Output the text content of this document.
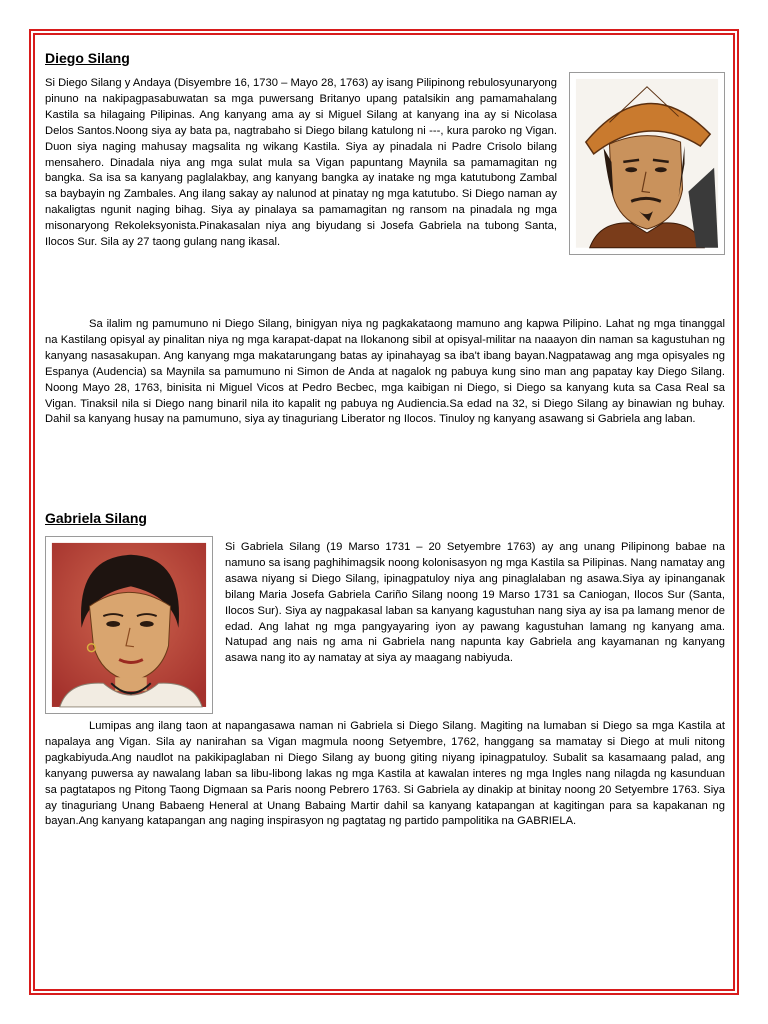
Diego Silang

Si Diego Silang y Andaya (Disyembre 16, 1730 – Mayo 28, 1763) ay isang Pilipinong rebulosyunaryong pinuno na nakipagpasabuwatan sa mga puwersang Britanyo upang patalsikin ang pamamahalang Kastila sa hilagaing Pilipinas. Ang kanyang ama ay si Miguel Silang at kanyang ina ay si Nicolasa Delos Santos.Noong siya ay bata pa, nagtrabaho si Diego bilang katulong ni ---, kura paroko ng Vigan. Duon siya naging mahusay magsalita ng wikang Kastila. Siya ay pinadala ni Padre Crisolo bilang mensahero. Dinadala niya ang mga sulat mula sa Vigan papuntang Maynila sa pamamagitan ng bangka. Sa isa sa kanyang paglalakbay, ang kanyang bangka ay inatake ng mga katutubong Zambal sa baybayin ng Zambales. Ang ilang sakay ay nalunod at pinatay ng mga katutubo. Si Diego naman ay nakaligtas ngunit naging bihag. Siya ay pinalaya sa pamamagitan ng ransom na pinadala ng mga misonaryong Rekoleksyonista.Pinakasalan niya ang biyudang si Josefa Gabriela na tubong Santa, Ilocos Sur. Sila ay 27 taong gulang nang ikasal.

Sa ilalim ng pamumuno ni Diego Silang, binigyan niya ng pagkakataong mamuno ang kapwa Pilipino. Lahat ng mga tinanggal na Kastilang opisyal ay pinalitan niya ng mga karapat-dapat na Ilokanong sibil at opisyal-militar na naaayon din naman sa kagustuhan ng kanyang nasasakupan. Ang kanyang mga makatarungang batas ay ipinahayag sa iba't ibang bayan.Nagpatawag ang mga opisyales ng Espanya (Audencia) sa Maynila sa pamumuno ni Simon de Anda at nagalok ng pabuya kung sino man ang papatay kay Diego Silang. Noong Mayo 28, 1763, binisita ni Miguel Vicos at Pedro Becbec, mga kaibigan ni Diego, si Diego sa kanyang kuta sa Casa Real sa Vigan. Tinaksil nila si Diego nang binaril nila ito kapalit ng pabuya ng Audiencia.Sa edad na 32, si Diego Silang ay binawian ng buhay. Dahil sa kanyang husay na pamumuno, siya ay tinaguriang Liberator ng Ilocos. Tinuloy ng kanyang asawang si Gabriela ang laban.

Gabriela Silang

Si Gabriela Silang (19 Marso 1731 – 20 Setyembre 1763) ay ang unang Pilipinong babae na namuno sa isang paghihimagsik noong kolonisasyon ng mga Kastila sa Pilipinas. Nang namatay ang asawa niyang si Diego Silang, ipinagpatuloy niya ang pinaglalaban ng asawa.Siya ay ipinanganak bilang Maria Josefa Gabriela Cariño Silang noong 19 Marso 1731 sa Caniogan, Ilocos Sur (Santa, Ilocos Sur). Siya ay nagpakasal laban sa kanyang kagustuhan nang siya ay isa pa lamang menor de edad. Ang lahat ng mga pangyayaring iyon ay pawang kagustuhan lamang ng kanyang ama. Natupad ang nais ng ama ni Gabriela nang napunta kay Gabriela ang kayamanan ng kanyang asawa nang ito ay namatay at siya ay maagang nabiyuda.

Lumipas ang ilang taon at napangasawa naman ni Gabriela si Diego Silang. Magiting na lumaban si Diego sa mga Kastila at napalaya ang Vigan. Sila ay nanirahan sa Vigan magmula noong Setyembre, 1762, hanggang sa mamatay si Diego at muli nitong pagkabiyuda.Ang naudlot na pakikipaglaban ni Diego Silang ay buong giting niyang ipinagpatuloy. Subalit sa kasamaang palad, ang kanyang puwersa ay nawalang laban sa libu-libong lakas ng mga Kastila at kawalan interes ng mga Ingles nang nilagda ng kasunduan sa pagtatapos ng Pitong Taong Digmaan sa Paris noong Pebrero 1763. Si Gabriela ay dinakip at binitay noong 20 Setyembre 1763. Siya ay tinaguriang Unang Babaeng Heneral at Unang Babaing Martir dahil sa kanyang katapangan at kagitingan para sa kapakanan ng bayan.Ang kanyang katapangan ang naging inspirasyon ng pagtatag ng partido pampolitika na GABRIELA.
